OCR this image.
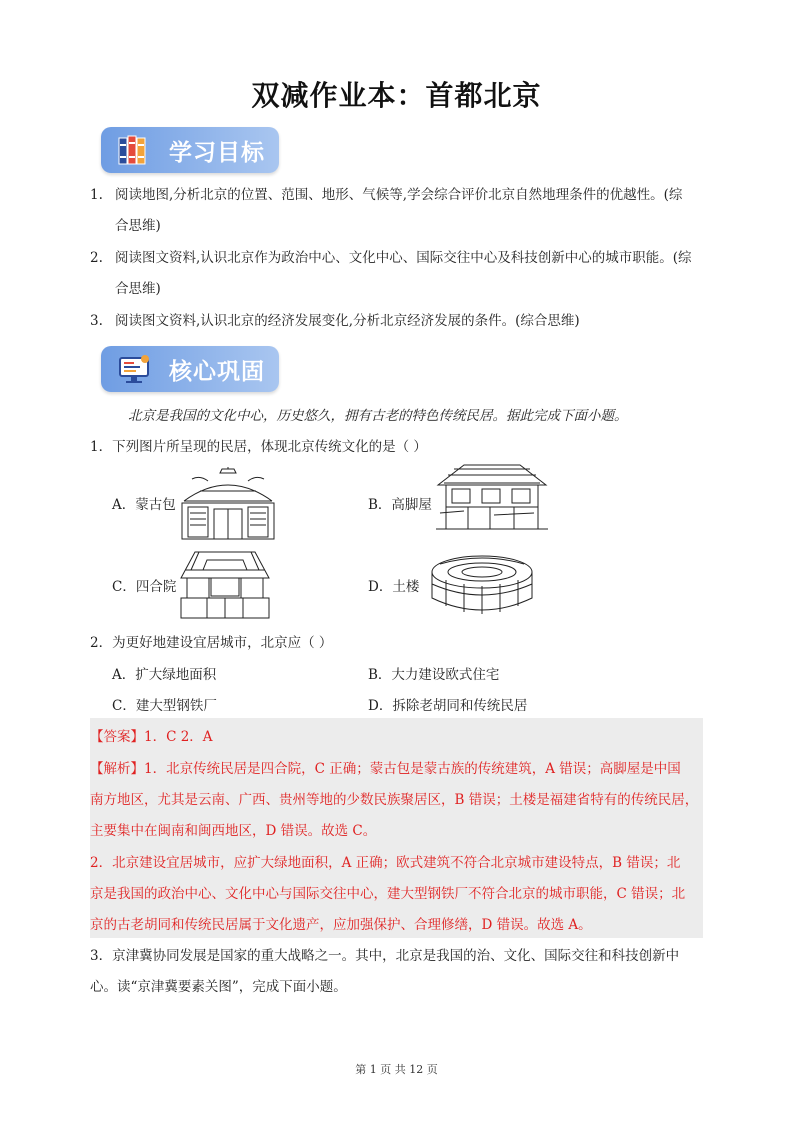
双减作业本：首都北京
学习目标
1. 阅读地图,分析北京的位置、范围、地形、气候等,学会综合评价北京自然地理条件的优越性。(综
合思维)
2. 阅读图文资料,认识北京作为政治中心、文化中心、国际交往中心及科技创新中心的城市职能。(综
合思维)
3. 阅读图文资料,认识北京的经济发展变化,分析北京经济发展的条件。(综合思维)
核心巩固
北京是我国的文化中心，历史悠久，拥有古老的特色传统民居。据此完成下面小题。
1．下列图片所呈现的民居，体现北京传统文化的是（ ）
A．蒙古包	B．高脚屋
C．四合院	D．土楼
2．为更好地建设宜居城市，北京应（ ）
A．扩大绿地面积	B．大力建设欧式住宅
C．建大型钢铁厂	D．拆除老胡同和传统民居
【答案】1．C 2．A
【解析】1．北京传统民居是四合院，C 正确；蒙古包是蒙古族的传统建筑，A 错误；高脚屋是中国
南方地区，尤其是云南、广西、贵州等地的少数民族聚居区，B 错误；土楼是福建省特有的传统民居，
主要集中在闽南和闽西地区，D 错误。故选 C。
2．北京建设宜居城市，应扩大绿地面积，A 正确；欧式建筑不符合北京城市建设特点，B 错误；北
京是我国的政治中心、文化中心与国际交往中心，建大型钢铁厂不符合北京的城市职能，C 错误；北
京的古老胡同和传统民居属于文化遗产，应加强保护、合理修缮，D 错误。故选 A。
3．京津冀协同发展是国家的重大战略之一。其中，北京是我国的治、文化、国际交往和科技创新中
心。读“京津冀要素关图”，完成下面小题。
第 1 页 共 12 页
